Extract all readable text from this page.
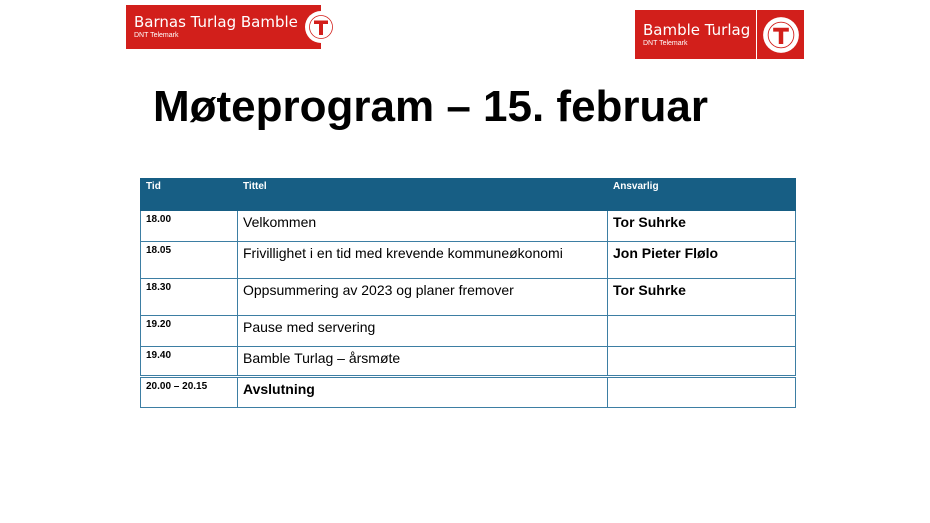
Barnas Turlag Bamble
DNT Telemark	Bamble Turlag
DNT Telemark
Møteprogram – 15. februar
Tid	Tittel	Ansvarlig
18.00	Velkommen	Tor Suhrke
18.05	Frivillighet i en tid med krevende kommuneøkonomi	Jon Pieter Flølo
18.30	Oppsummering av 2023 og planer fremover	Tor Suhrke
19.20	Pause med servering	
19.40	Bamble Turlag – årsmøte	
20.00 – 20.15	Avslutning	
